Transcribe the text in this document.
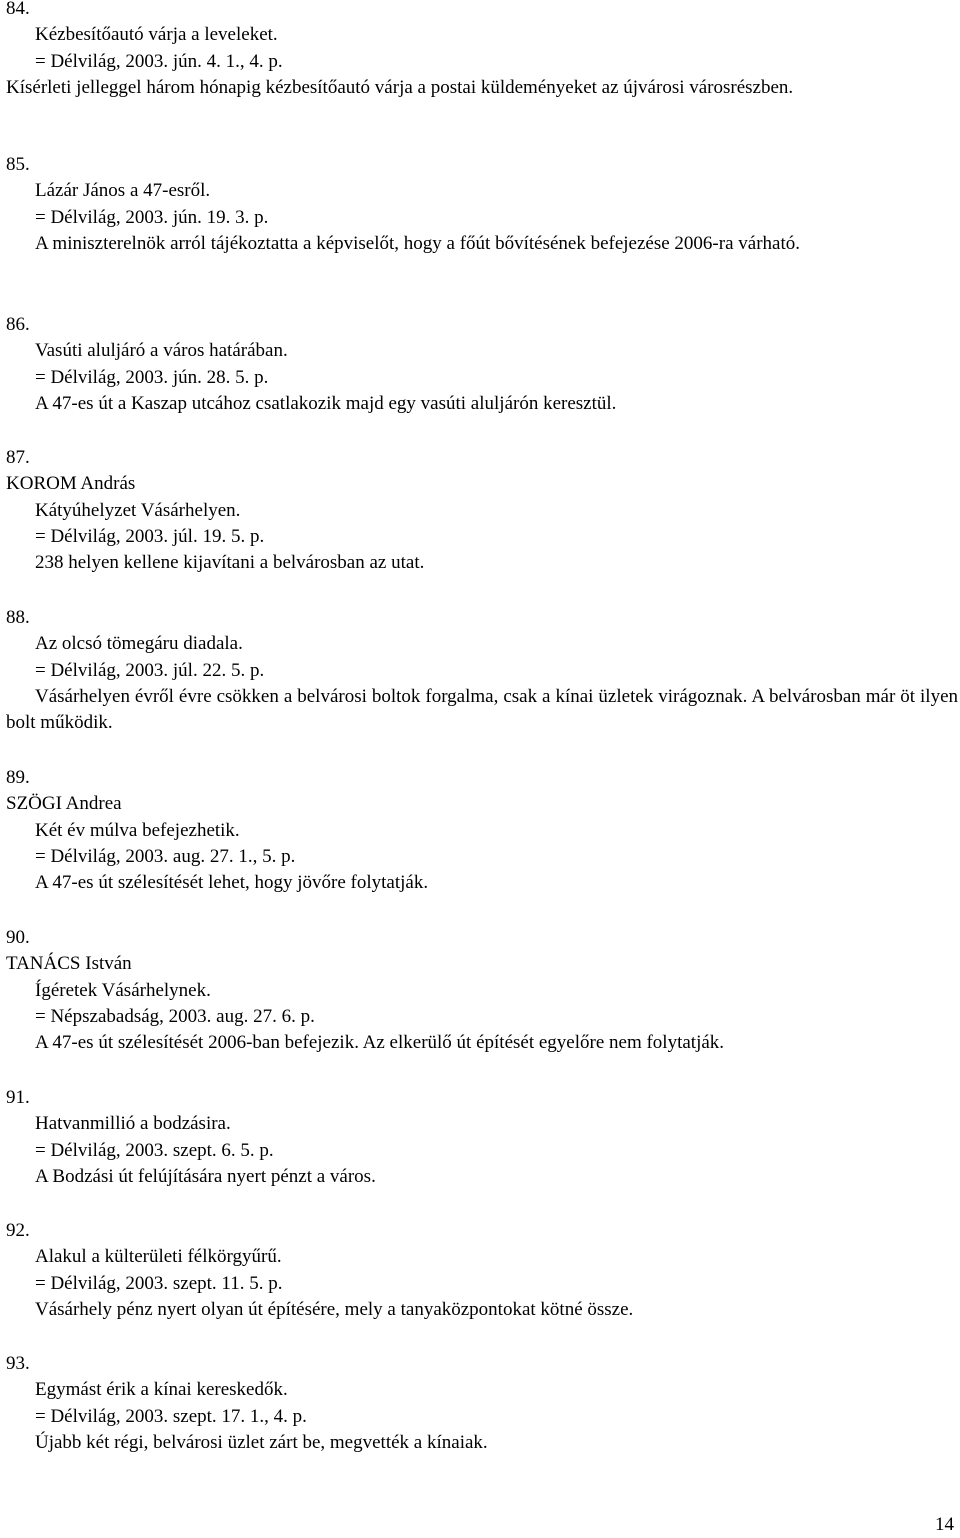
84.
Kézbesítőautó várja a leveleket.
= Délvilág, 2003. jún. 4. 1., 4. p.
Kísérleti jelleggel három hónapig kézbesítőautó várja a postai küldeményeket az újvárosi városrészben.
85.
Lázár János a 47-esről.
= Délvilág, 2003. jún. 19. 3. p.
A miniszterelnök arról tájékoztatta a képviselőt, hogy a főút bővítésének befejezése 2006-ra várható.
86.
Vasúti aluljáró a város határában.
= Délvilág, 2003. jún. 28. 5. p.
A 47-es út a Kaszap utcához csatlakozik majd egy vasúti aluljárón keresztül.
87.
KOROM András
Kátyúhelyzet Vásárhelyen.
= Délvilág, 2003. júl. 19. 5. p.
238 helyen kellene kijavítani a belvárosban az utat.
88.
Az olcsó tömegáru diadala.
= Délvilág, 2003. júl. 22. 5. p.
Vásárhelyen évről évre csökken a belvárosi boltok forgalma, csak a kínai üzletek virágoznak. A belvárosban már öt ilyen bolt működik.
89.
SZÖGI Andrea
Két év múlva befejezhetik.
= Délvilág, 2003. aug. 27. 1., 5. p.
A 47-es út szélesítését lehet, hogy jövőre folytatják.
90.
TANÁCS István
Ígéretek Vásárhelynek.
= Népszabadság, 2003. aug. 27. 6. p.
A 47-es út szélesítését 2006-ban befejezik. Az elkerülő út építését egyelőre nem folytatják.
91.
Hatvanmillió a bodzásira.
= Délvilág, 2003. szept. 6. 5. p.
A Bodzási út felújítására nyert pénzt a város.
92.
Alakul a külterületi félkörgyűrű.
= Délvilág, 2003. szept. 11. 5. p.
Vásárhely pénz nyert olyan út építésére, mely a tanyaközpontokat kötné össze.
93.
Egymást érik a kínai kereskedők.
= Délvilág, 2003. szept. 17. 1., 4. p.
Újabb két régi, belvárosi üzlet zárt be, megvették a kínaiak.
14
